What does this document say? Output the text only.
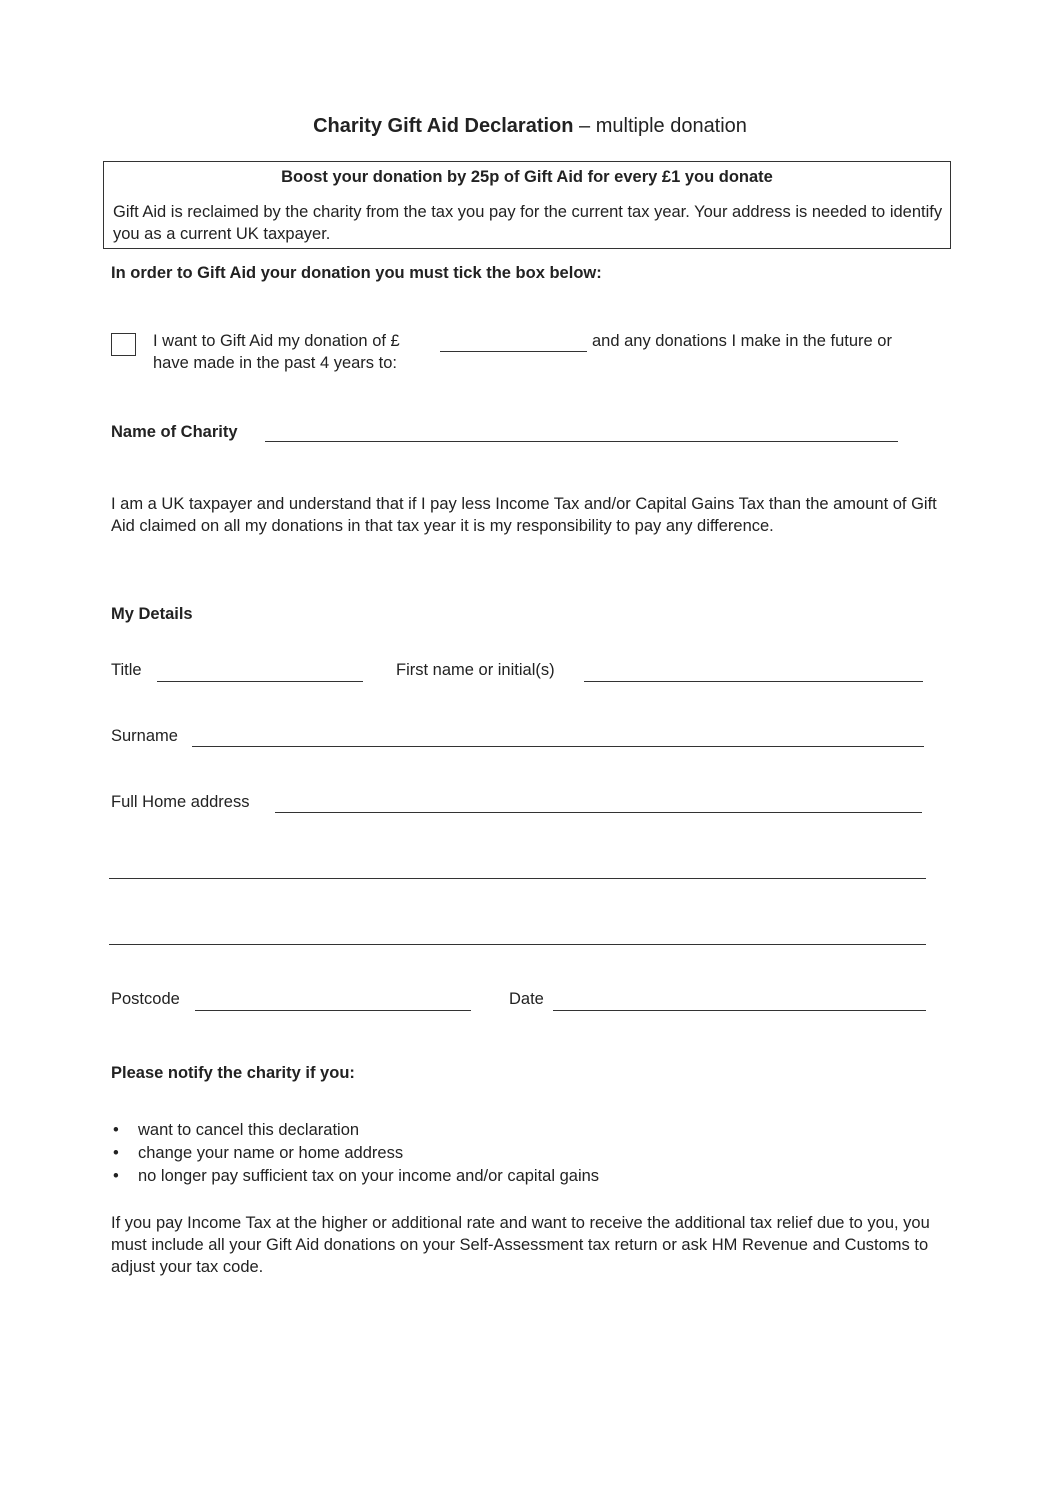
Charity Gift Aid Declaration – multiple donation
Boost your donation by 25p of Gift Aid for every £1 you donate
Gift Aid is reclaimed by the charity from the tax you pay for the current tax year. Your address is needed to identify you as a current UK taxpayer.
In order to Gift Aid your donation you must tick the box below:
I want to Gift Aid my donation of £	and any donations I make in the future or
have made in the past 4 years to:
Name of Charity
I am a UK taxpayer and understand that if I pay less Income Tax and/or Capital Gains Tax than the amount of Gift Aid claimed on all my donations in that tax year it is my responsibility to pay any difference.
My Details
Title	First name or initial(s)
Surname
Full Home address
Postcode	Date
Please notify the charity if you:
• want to cancel this declaration
• change your name or home address
• no longer pay sufficient tax on your income and/or capital gains
If you pay Income Tax at the higher or additional rate and want to receive the additional tax relief due to you, you must include all your Gift Aid donations on your Self-Assessment tax return or ask HM Revenue and Customs to adjust your tax code.
